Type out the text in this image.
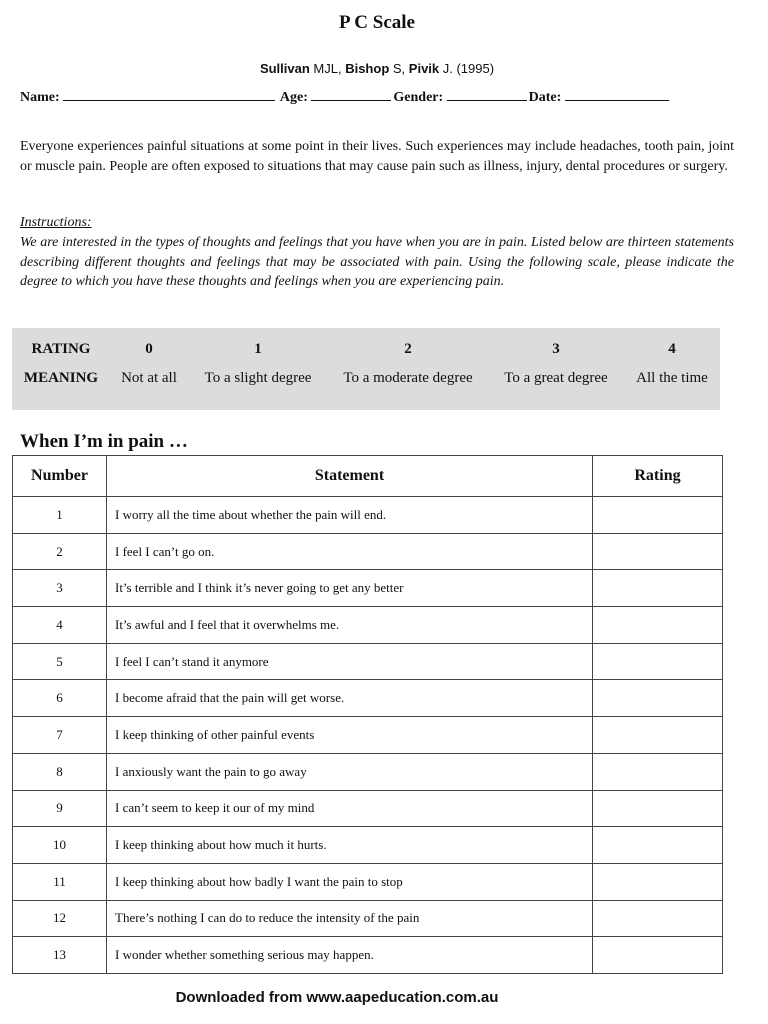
P C Scale
Sullivan MJL, Bishop S, Pivik J. (1995)
Name:	Age:	Gender:	Date:
Everyone experiences painful situations at some point in their lives. Such experiences may include headaches, tooth pain, joint or muscle pain. People are often exposed to situations that may cause pain such as illness, injury, dental procedures or surgery.
Instructions:
We are interested in the types of thoughts and feelings that you have when you are in pain. Listed below are thirteen statements describing different thoughts and feelings that may be associated with pain. Using the following scale, please indicate the degree to which you have these thoughts and feelings when you are experiencing pain.
RATING	0	1	2	3	4
MEANING	Not at all	To a slight degree	To a moderate degree	To a great degree	All the time
When I’m in pain …
Number	Statement	Rating
1	I worry all the time about whether the pain will end.	
2	I feel I can’t go on.	
3	It’s terrible and I think it’s never going to get any better	
4	It’s awful and I feel that it overwhelms me.	
5	I feel I can’t stand it anymore	
6	I become afraid that the pain will get worse.	
7	I keep thinking of other painful events	
8	I anxiously want the pain to go away	
9	I can’t seem to keep it our of my mind	
10	I keep thinking about how much it hurts.	
11	I keep thinking about how badly I want the pain to stop	
12	There’s nothing I can do to reduce the intensity of the pain	
13	I wonder whether something serious may happen.	
Downloaded from www.aapeducation.com.au
